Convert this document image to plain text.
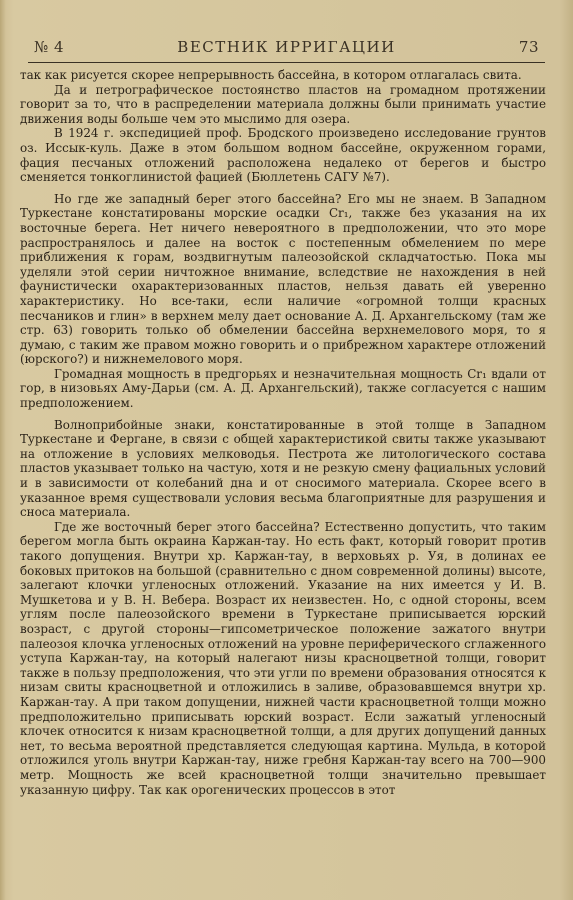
№ 4	ВЕСТНИК ИРРИГАЦИИ	73

так как рисуется скорее непрерывность бассейна, в котором отлагалась свита.

Да и петрографическое постоянство пластов на громадном протяжении говорит за то, что в распределении материала должны были принимать участие движения воды больше чем это мыслимо для озера.

В 1924 г. экспедицией проф. Бродского произведено исследование грунтов оз. Иссык-куль. Даже в этом большом водном бассейне, окруженном горами, фация песчаных отложений расположена недалеко от берегов и быстро сменяется тонкоглинистой фацией (Бюллетень САГУ №7).

Но где же западный берег этого бассейна? Его мы не знаем. В Западном Туркестане констатированы морские осадки Cr₁, также без указания на их восточные берега. Нет ничего невероятного в предположении, что это море распространялось и далее на восток с постепенным обмелением по мере приближения к горам, воздвигнутым палеозойской складчатостью. Пока мы уделяли этой серии ничтожное внимание, вследствие не нахождения в ней фаунистически охарактеризованных пластов, нельзя давать ей уверенно характеристику. Но все-таки, если наличие «огромной толщи красных песчаников и глин» в верхнем мелу дает основание А. Д. Архангельскому (там же стр. 63) говорить только об обмелении бассейна верхнемелового моря, то я думаю, с таким же правом можно говорить и о прибрежном характере отложений (юрского?) и нижнемелового моря.

Громадная мощность в предгорьях и незначительная мощность Cr₁ вдали от гор, в низовьях Аму-Дарьи (см. А. Д. Архангельский), также согласуется с нашим предположением.

Волноприбойные знаки, констатированные в этой толще в Западном Туркестане и Фергане, в связи с общей характеристикой свиты также указывают на отложение в условиях мелководья. Пестрота же литологического состава пластов указывает только на частую, хотя и не резкую смену фациальных условий и в зависимости от колебаний дна и от сносимого материала. Скорее всего в указанное время существовали условия весьма благоприятные для разрушения и сноса материала.

Где же восточный берег этого бассейна? Естественно допустить, что таким берегом могла быть окраина Каржан-тау. Но есть факт, который говорит против такого допущения. Внутри хр. Каржан-тау, в верховьях р. Уя, в долинах ее боковых притоков на большой (сравнительно с дном современной долины) высоте, залегают клочки угленосных отложений. Указание на них имеется у И. В. Мушкетова и у В. Н. Вебера. Возраст их неизвестен. Но, с одной стороны, всем углям после палеозойского времени в Туркестане приписывается юрский возраст, с другой стороны—гипсометрическое положение зажатого внутри палеозоя клочка угленосных отложений на уровне периферического сглаженного уступа Каржан-тау, на который налегают низы красноцветной толщи, говорит также в пользу предположения, что эти угли по времени образования относятся к низам свиты красноцветной и отложились в заливе, образовавшемся внутри хр. Каржан-тау. А при таком допущении, нижней части красноцветной толщи можно предположительно приписывать юрский возраст. Если зажатый угленосный клочек относится к низам красноцветной толщи, а для других допущений данных нет, то весьма вероятной представляется следующая картина. Мульда, в которой отложился уголь внутри Каржан-тау, ниже гребня Каржан-тау всего на 700—900 метр. Мощность же всей красноцветной толщи значительно превышает указанную цифру. Так как орогенических процессов в этот
